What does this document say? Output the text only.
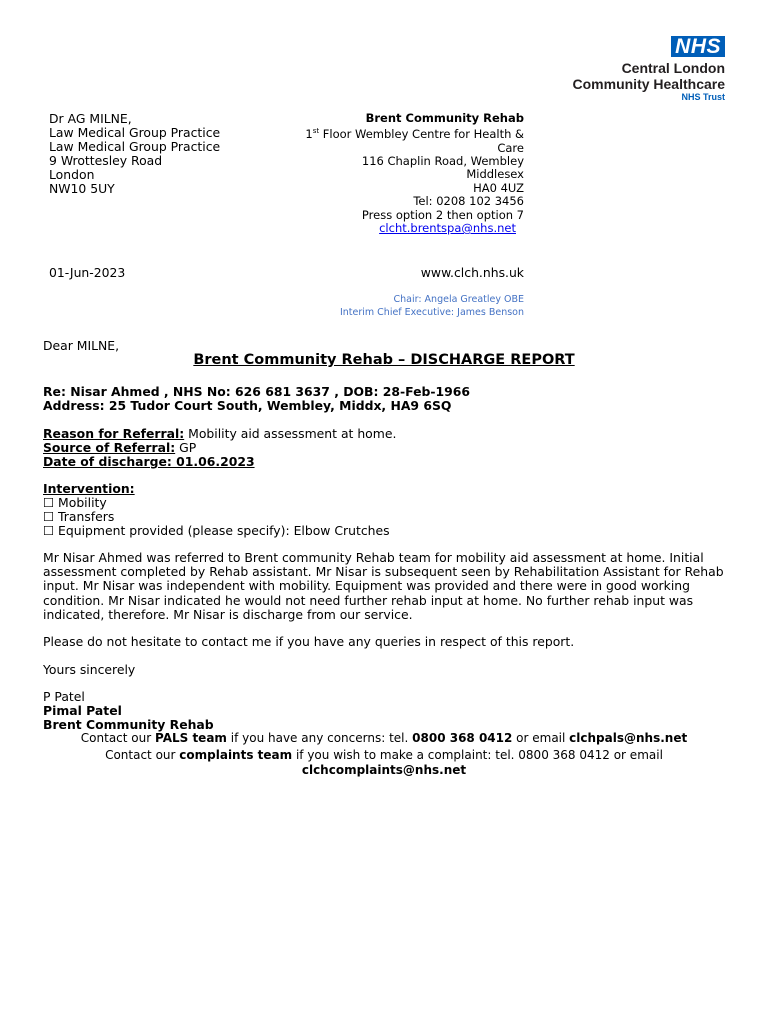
NHS
Central London
Community Healthcare
NHS Trust
Dr AG MILNE,
Law Medical Group Practice
Law Medical Group Practice
9 Wrottesley Road
London
NW10 5UY
Brent Community Rehab
1st Floor Wembley Centre for Health &
Care
116 Chaplin Road, Wembley
Middlesex
HA0 4UZ
Tel: 0208 102 3456
Press option 2 then option 7
clcht.brentspa@nhs.net
01-Jun-2023	www.clch.nhs.uk
Chair: Angela Greatley OBE
Interim Chief Executive: James Benson
Dear MILNE,
Brent Community Rehab – DISCHARGE REPORT
Re: Nisar Ahmed , NHS No: 626 681 3637 , DOB: 28-Feb-1966
Address: 25 Tudor Court South, Wembley, Middx, HA9 6SQ
Reason for Referral: Mobility aid assessment at home.
Source of Referral: GP
Date of discharge: 01.06.2023
Intervention:
☐ Mobility
☐ Transfers
☐ Equipment provided (please specify): Elbow Crutches
Mr Nisar Ahmed was referred to Brent community Rehab team for mobility aid assessment at home. Initial assessment completed by Rehab assistant. Mr Nisar is subsequent seen by Rehabilitation Assistant for Rehab input. Mr Nisar was independent with mobility. Equipment was provided and there were in good working condition. Mr Nisar indicated he would not need further rehab input at home. No further rehab input was indicated, therefore. Mr Nisar is discharge from our service.
Please do not hesitate to contact me if you have any queries in respect of this report.
Yours sincerely
P Patel
Pimal Patel
Brent Community Rehab
Contact our PALS team if you have any concerns: tel. 0800 368 0412 or email clchpals@nhs.net
Contact our complaints team if you wish to make a complaint: tel. 0800 368 0412 or email
clchcomplaints@nhs.net
